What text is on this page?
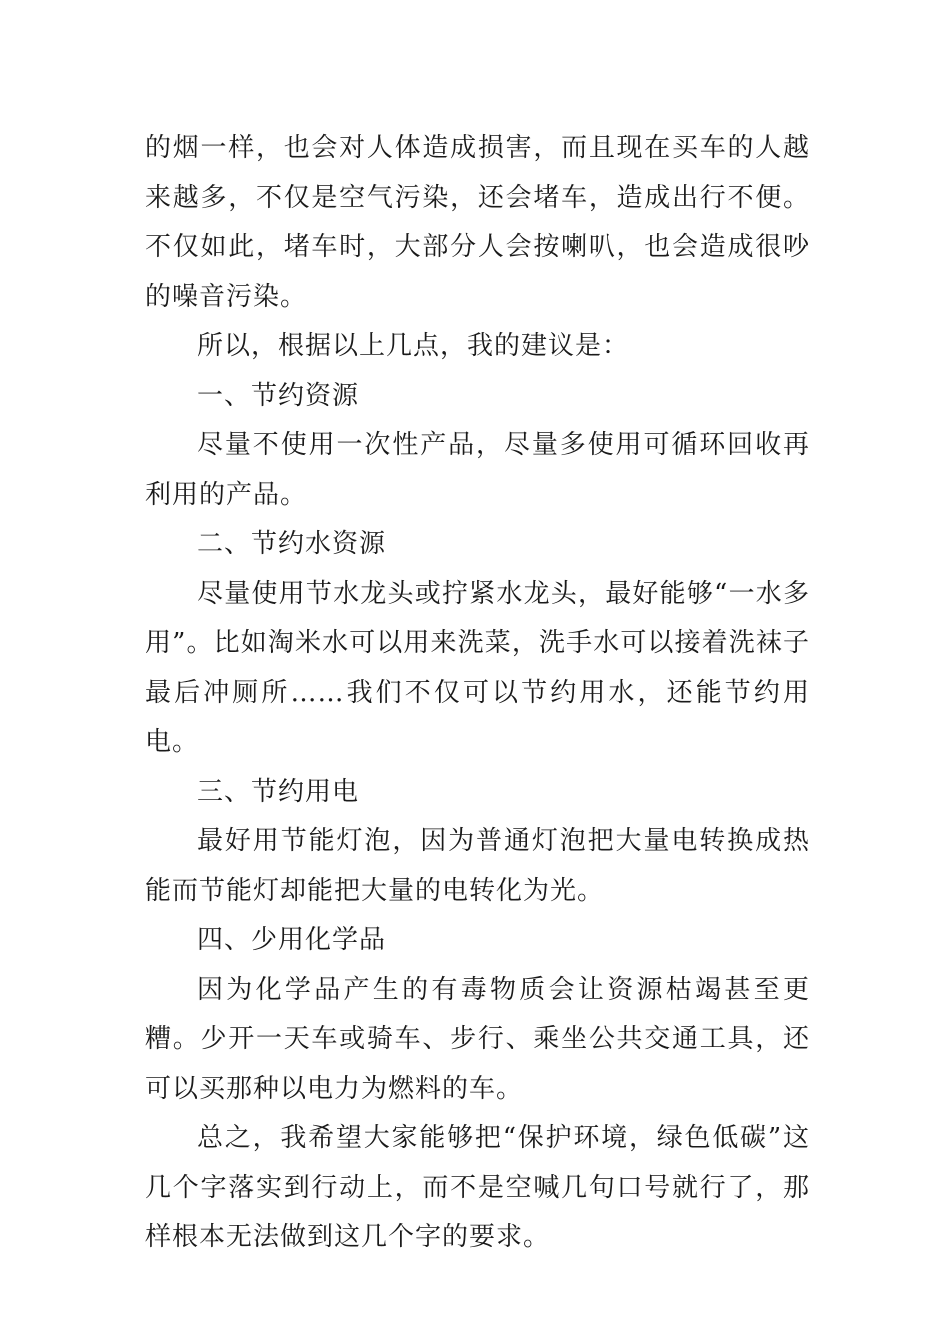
的烟一样，也会对人体造成损害，而且现在买车的人越来越多，不仅是空气污染，还会堵车，造成出行不便。不仅如此，堵车时，大部分人会按喇叭，也会造成很吵的噪音污染。

所以，根据以上几点，我的建议是：

一、节约资源

尽量不使用一次性产品，尽量多使用可循环回收再利用的产品。

二、节约水资源

尽量使用节水龙头或拧紧水龙头，最好能够“一水多用”。比如淘米水可以用来洗菜，洗手水可以接着洗袜子最后冲厕所……我们不仅可以节约用水，还能节约用电。

三、节约用电

最好用节能灯泡，因为普通灯泡把大量电转换成热能而节能灯却能把大量的电转化为光。

四、少用化学品

因为化学品产生的有毒物质会让资源枯竭甚至更糟。少开一天车或骑车、步行、乘坐公共交通工具，还可以买那种以电力为燃料的车。

总之，我希望大家能够把“保护环境，绿色低碳”这几个字落实到行动上，而不是空喊几句口号就行了，那样根本无法做到这几个字的要求。
